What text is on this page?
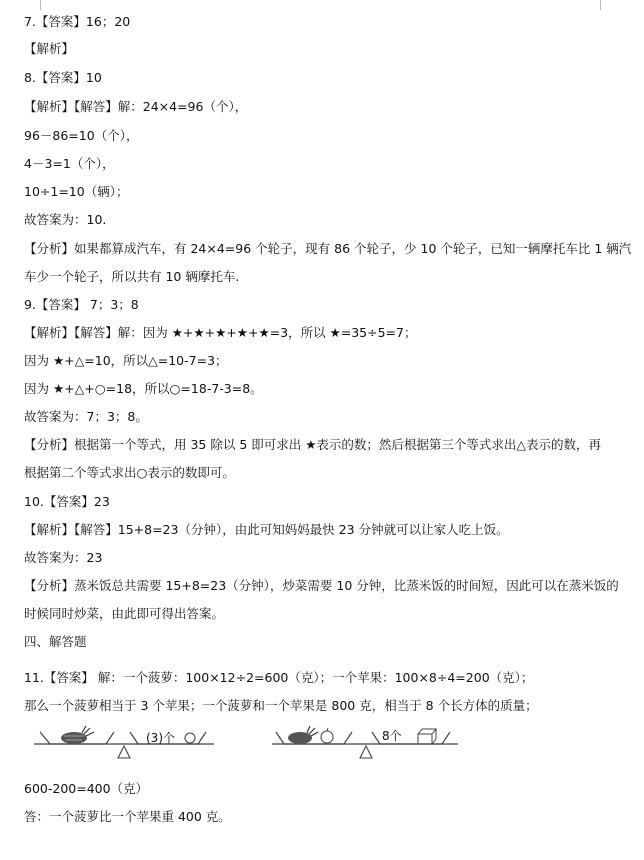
7.【答案】16；20
【解析】
8.【答案】10
【解析】【解答】解：24×4=96（个），
96－86=10（个），
4－3=1（个），
10÷1=10（辆）；
故答案为：10.
【分析】如果都算成汽车，有 24×4=96 个轮子，现有 86 个轮子，少 10 个轮子，已知一辆摩托车比 1 辆汽
车少一个轮子，所以共有 10 辆摩托车.
9.【答案】 7；3；8
【解析】【解答】解：因为 ★+★+★+★+★=3，所以 ★=35÷5=7；
因为 ★+△=10，所以△=10-7=3；
因为 ★+△+○=18，所以○=18-7-3=8。
故答案为：7；3；8。
【分析】根据第一个等式，用 35 除以 5 即可求出 ★表示的数；然后根据第三个等式求出△表示的数，再
根据第二个等式求出○表示的数即可。
10.【答案】23
【解析】【解答】15+8=23（分钟），由此可知妈妈最快 23 分钟就可以让家人吃上饭。
故答案为：23
【分析】蒸米饭总共需要 15+8=23（分钟），炒菜需要 10 分钟，比蒸米饭的时间短，因此可以在蒸米饭的
时候同时炒菜，由此即可得出答案。
四、解答题
11.【答案】 解：一个菠萝：100×12÷2=600（克）；一个苹果：100×8÷4=200（克）；
那么一个菠萝相当于 3 个苹果；一个菠萝和一个苹果是 800 克，相当于 8 个长方体的质量；
(3)个	8个
600-200=400（克）
答：一个菠萝比一个苹果重 400 克。
